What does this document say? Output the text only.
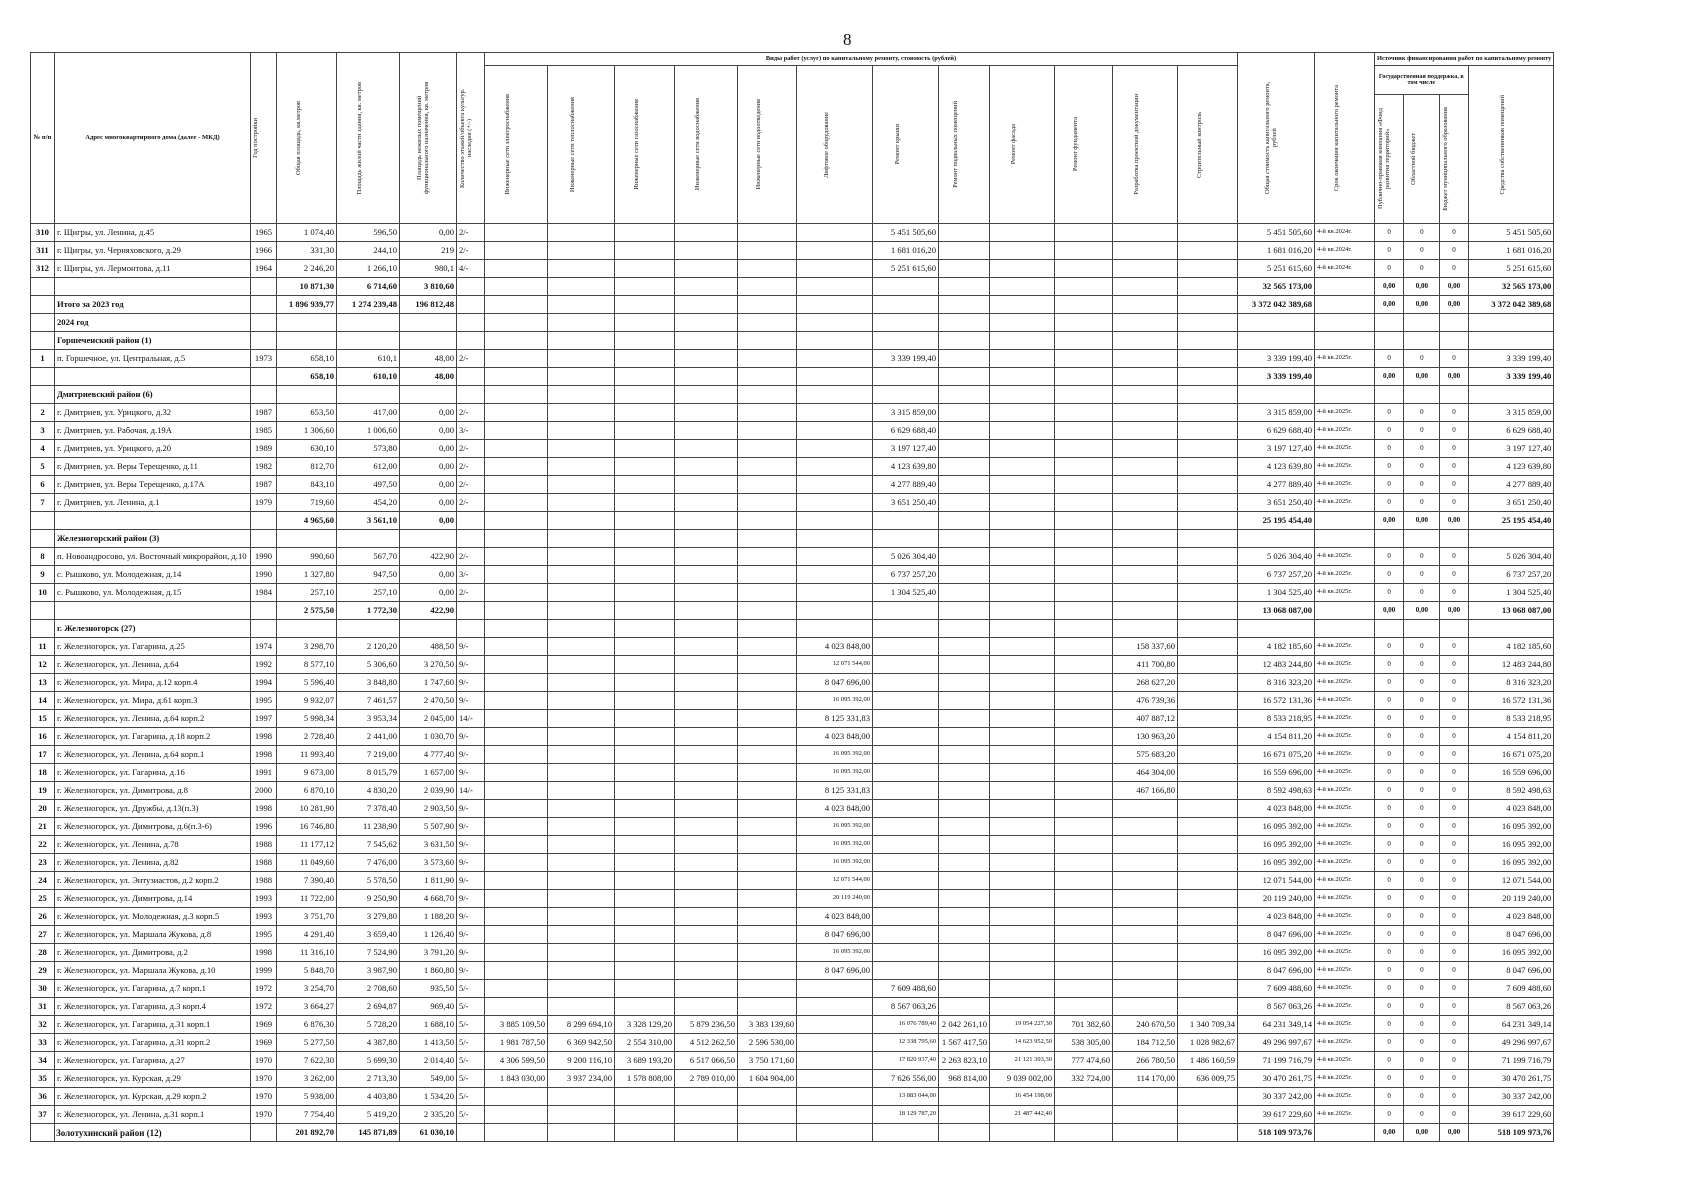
8
№ п/п	Адрес многоквартирного дома (далее - МКД)	Год постройки	Общая площадь, кв.метров	Площадь жилой части здания, кв. метров	Площадь нежилых помещений функционального назначения, кв. метров	Количество этажей/объекта культур. наследия (+/-)	Виды работ (услуг) по капитальному ремонту, стоимость (рублей)												Общая стоимость капитального ремонта, рублей	Срок окончания капитального ремонта	Источник финансирования работ по капитальному ремонту			

							Инженерные сети электроснабжения	Инженерные сети теплоснабжения	Инженерные сети газоснабжения	Инженерные сети водоснабжения	Инженерные сети водоотведения	Лифтовое оборудование	Ремонт крыши	Ремонт подвальных помещений	Ремонт фасада	Ремонт фундамента	Разработка проектной документации	Строительный контроль			Государственная поддержка, в том числе			Средства собственников помещений

																					Публично-правовая компания «Фонд развития территорий»	Областной бюджет	Бюджет муниципального образования	

310	г. Щигры, ул. Ленина, д.45	1965	1 074,40	596,50	0,00	2/-							5 451 505,60						5 451 505,60	4-й кв.2024г.	0	0	0	5 451 505,60
311	г. Щигры, ул. Черняховского, д.29	1966	331,30	244,10	219	2/-							1 681 016,20						1 681 016,20	4-й кв.2024г.	0	0	0	1 681 016,20
312	г. Щигры, ул. Лермонтова, д.11	1964	2 246,20	1 266,10	980,1	4/-							5 251 615,60						5 251 615,60	4-й кв.2024г.	0	0	0	5 251 615,60
			10 871,30	6 714,60	3 810,60														32 565 173,00		0,00	0,00	0,00	32 565 173,00
	Итого за 2023 год		1 896 939,77	1 274 239,48	196 812,48														3 372 042 389,68		0,00	0,00	0,00	3 372 042 389,68
	2024 год																							
	Горшеченский район (1)																							
1	п. Горшечное, ул. Центральная, д.5	1973	658,10	610,1	48,00	2/-							3 339 199,40						3 339 199,40	4-й кв.2025г.	0	0	0	3 339 199,40
			658,10	610,10	48,00														3 339 199,40		0,00	0,00	0,00	3 339 199,40
	Дмитриевский район (6)																							
2	г. Дмитриев, ул. Урицкого, д.32	1987	653,50	417,00	0,00	2/-							3 315 859,00						3 315 859,00	4-й кв.2025г.	0	0	0	3 315 859,00
3	г. Дмитриев, ул. Рабочая, д.19А	1985	1 306,60	1 006,60	0,00	3/-							6 629 688,40						6 629 688,40	4-й кв.2025г.	0	0	0	6 629 688,40
4	г. Дмитриев, ул. Урицкого, д.20	1989	630,10	573,80	0,00	2/-							3 197 127,40						3 197 127,40	4-й кв.2025г.	0	0	0	3 197 127,40
5	г. Дмитриев, ул. Веры Терещенко, д.11	1982	812,70	612,00	0,00	2/-							4 123 639,80						4 123 639,80	4-й кв.2025г.	0	0	0	4 123 639,80
6	г. Дмитриев, ул. Веры Терещенко, д.17А	1987	843,10	497,50	0,00	2/-							4 277 889,40						4 277 889,40	4-й кв.2025г.	0	0	0	4 277 889,40
7	г. Дмитриев, ул. Ленина, д.1	1979	719,60	454,20	0,00	2/-							3 651 250,40						3 651 250,40	4-й кв.2025г.	0	0	0	3 651 250,40
			4 965,60	3 561,10	0,00														25 195 454,40		0,00	0,00	0,00	25 195 454,40
	Железногорский район (3)																							
8	п. Новоандросово, ул. Восточный микрорайон, д.10	1990	990,60	567,70	422,90	2/-							5 026 304,40						5 026 304,40	4-й кв.2025г.	0	0	0	5 026 304,40
9	с. Рышково, ул. Молодежная, д.14	1990	1 327,80	947,50	0,00	3/-							6 737 257,20						6 737 257,20	4-й кв.2025г.	0	0	0	6 737 257,20
10	с. Рышково, ул. Молодежная, д.15	1984	257,10	257,10	0,00	2/-							1 304 525,40						1 304 525,40	4-й кв.2025г.	0	0	0	1 304 525,40
			2 575,50	1 772,30	422,90														13 068 087,00		0,00	0,00	0,00	13 068 087,00
	г. Железногорск (27)																							
11	г. Железногорск, ул. Гагарина, д.25	1974	3 298,70	2 120,20	488,50	9/-						4 023 848,00					158 337,60		4 182 185,60	4-й кв.2025г.	0	0	0	4 182 185,60
12	г. Железногорск, ул. Ленина, д.64	1992	8 577,10	5 306,60	3 270,50	9/-						12 071 544,00					411 700,80		12 483 244,80	4-й кв.2025г.	0	0	0	12 483 244,80
13	г. Железногорск, ул. Мира, д.12 корп.4	1994	5 596,40	3 848,80	1 747,60	9/-						8 047 696,00					268 627,20		8 316 323,20	4-й кв.2025г.	0	0	0	8 316 323,20
14	г. Железногорск, ул. Мира, д.61 корп.3	1995	9 932,07	7 461,57	2 470,50	9/-						16 095 392,00					476 739,36		16 572 131,36	4-й кв.2025г.	0	0	0	16 572 131,36
15	г. Железногорск, ул. Ленина, д.64 корп.2	1997	5 998,34	3 953,34	2 045,00	14/-						8 125 331,83					407 887,12		8 533 218,95	4-й кв.2025г.	0	0	0	8 533 218,95
16	г. Железногорск, ул. Гагарина, д.18 корп.2	1998	2 728,40	2 441,00	1 030,70	9/-						4 023 848,00					130 963,20		4 154 811,20	4-й кв.2025г.	0	0	0	4 154 811,20
17	г. Железногорск, ул. Ленина, д.64 корп.1	1998	11 993,40	7 219,00	4 777,40	9/-						16 095 392,00					575 683,20		16 671 075,20	4-й кв.2025г.	0	0	0	16 671 075,20
18	г. Железногорск, ул. Гагарина, д.16	1991	9 673,00	8 015,79	1 657,00	9/-						16 095 392,00					464 304,00		16 559 696,00	4-й кв.2025г.	0	0	0	16 559 696,00
19	г. Железногорск, ул. Димитрова, д.8	2000	6 870,10	4 830,20	2 039,90	14/-						8 125 331,83					467 166,80		8 592 498,63	4-й кв.2025г.	0	0	0	8 592 498,63
20	г. Железногорск, ул. Дружбы, д.13(п.3)	1998	10 281,90	7 378,40	2 903,50	9/-						4 023 848,00							4 023 848,00	4-й кв.2025г.	0	0	0	4 023 848,00
21	г. Железногорск, ул. Димитрова, д.6(п.3-6)	1996	16 746,80	11 238,90	5 507,90	9/-						16 095 392,00							16 095 392,00	4-й кв.2025г.	0	0	0	16 095 392,00
22	г. Железногорск, ул. Ленина, д.78	1988	11 177,12	7 545,62	3 631,50	9/-						16 095 392,00							16 095 392,00	4-й кв.2025г.	0	0	0	16 095 392,00
23	г. Железногорск, ул. Ленина, д.82	1988	11 049,60	7 476,00	3 573,60	9/-						16 095 392,00							16 095 392,00	4-й кв.2025г.	0	0	0	16 095 392,00
24	г. Железногорск, ул. Энтузиастов, д.2 корп.2	1988	7 390,40	5 578,50	1 811,90	9/-						12 071 544,00							12 071 544,00	4-й кв.2025г.	0	0	0	12 071 544,00
25	г. Железногорск, ул. Димитрова, д.14	1993	11 722,00	9 250,90	4 668,70	9/-						20 119 240,00							20 119 240,00	4-й кв.2025г.	0	0	0	20 119 240,00
26	г. Железногорск, ул. Молодежная, д.3 корп.5	1993	3 751,70	3 279,80	1 188,20	9/-						4 023 848,00							4 023 848,00	4-й кв.2025г.	0	0	0	4 023 848,00
27	г. Железногорск, ул. Маршала Жукова, д.8	1995	4 291,40	3 659,40	1 126,40	9/-						8 047 696,00							8 047 696,00	4-й кв.2025г.	0	0	0	8 047 696,00
28	г. Железногорск, ул. Димитрова, д.2	1998	11 316,10	7 524,90	3 791,20	9/-						16 095 392,00							16 095 392,00	4-й кв.2025г.	0	0	0	16 095 392,00
29	г. Железногорск, ул. Маршала Жукова, д.10	1999	5 848,70	3 987,90	1 860,80	9/-						8 047 696,00							8 047 696,00	4-й кв.2025г.	0	0	0	8 047 696,00
30	г. Железногорск, ул. Гагарина, д.7 корп.1	1972	3 254,70	2 708,60	935,50	5/-							7 609 488,60						7 609 488,60	4-й кв.2025г.	0	0	0	7 609 488,60
31	г. Железногорск, ул. Гагарина, д.3 корп.4	1972	3 664,27	2 694,87	969,40	5/-							8 567 063,26						8 567 063,26	4-й кв.2025г.	0	0	0	8 567 063,26
32	г. Железногорск, ул. Гагарина, д.31 корп.1	1969	6 876,30	5 728,20	1 688,10	5/-	3 885 109,50	8 299 694,10	3 328 129,20	5 879 236,50	3 383 139,60		16 076 789,40	2 042 261,10	19 054 227,30	701 382,60	240 670,50	1 340 709,34	64 231 349,14	4-й кв.2025г.	0	0	0	64 231 349,14
33	г. Железногорск, ул. Гагарина, д.31 корп.2	1969	5 277,50	4 387,80	1 413,50	5/-	1 981 787,50	6 369 942,50	2 554 310,00	4 512 262,50	2 596 530,00		12 338 795,60	1 567 417,50	14 623 952,50	538 305,00	184 712,50	1 028 982,67	49 296 997,67	4-й кв.2025г.	0	0	0	49 296 997,67
34	г. Железногорск, ул. Гагарина, д.27	1970	7 622,30	5 699,30	2 014,40	5/-	4 306 599,50	9 200 116,10	3 689 193,20	6 517 066,50	3 750 171,60		17 820 937,40	2 263 823,10	21 121 393,30	777 474,60	266 780,50	1 486 160,59	71 199 716,79	4-й кв.2025г.	0	0	0	71 199 716,79
35	г. Железногорск, ул. Курская, д.29	1970	3 262,00	2 713,30	549,00	5/-	1 843 030,00	3 937 234,00	1 578 808,00	2 789 010,00	1 604 904,00		7 626 556,00	968 814,00	9 039 002,00	332 724,00	114 170,00	636 009,75	30 470 261,75	4-й кв.2025г.	0	0	0	30 470 261,75
36	г. Железногорск, ул. Курская, д.29 корп.2	1970	5 938,00	4 403,80	1 534,20	5/-							13 883 044,00		16 454 198,00				30 337 242,00	4-й кв.2025г.	0	0	0	30 337 242,00
37	г. Железногорск, ул. Ленина, д.31 корп.1	1970	7 754,40	5 419,20	2 335,20	5/-							18 129 787,20		21 487 442,40				39 617 229,60	4-й кв.2025г.	0	0	0	39 617 229,60
			201 892,70	145 871,89	61 030,10														518 109 973,76		0,00	0,00	0,00	518 109 973,76
Золотухинский район (12)
